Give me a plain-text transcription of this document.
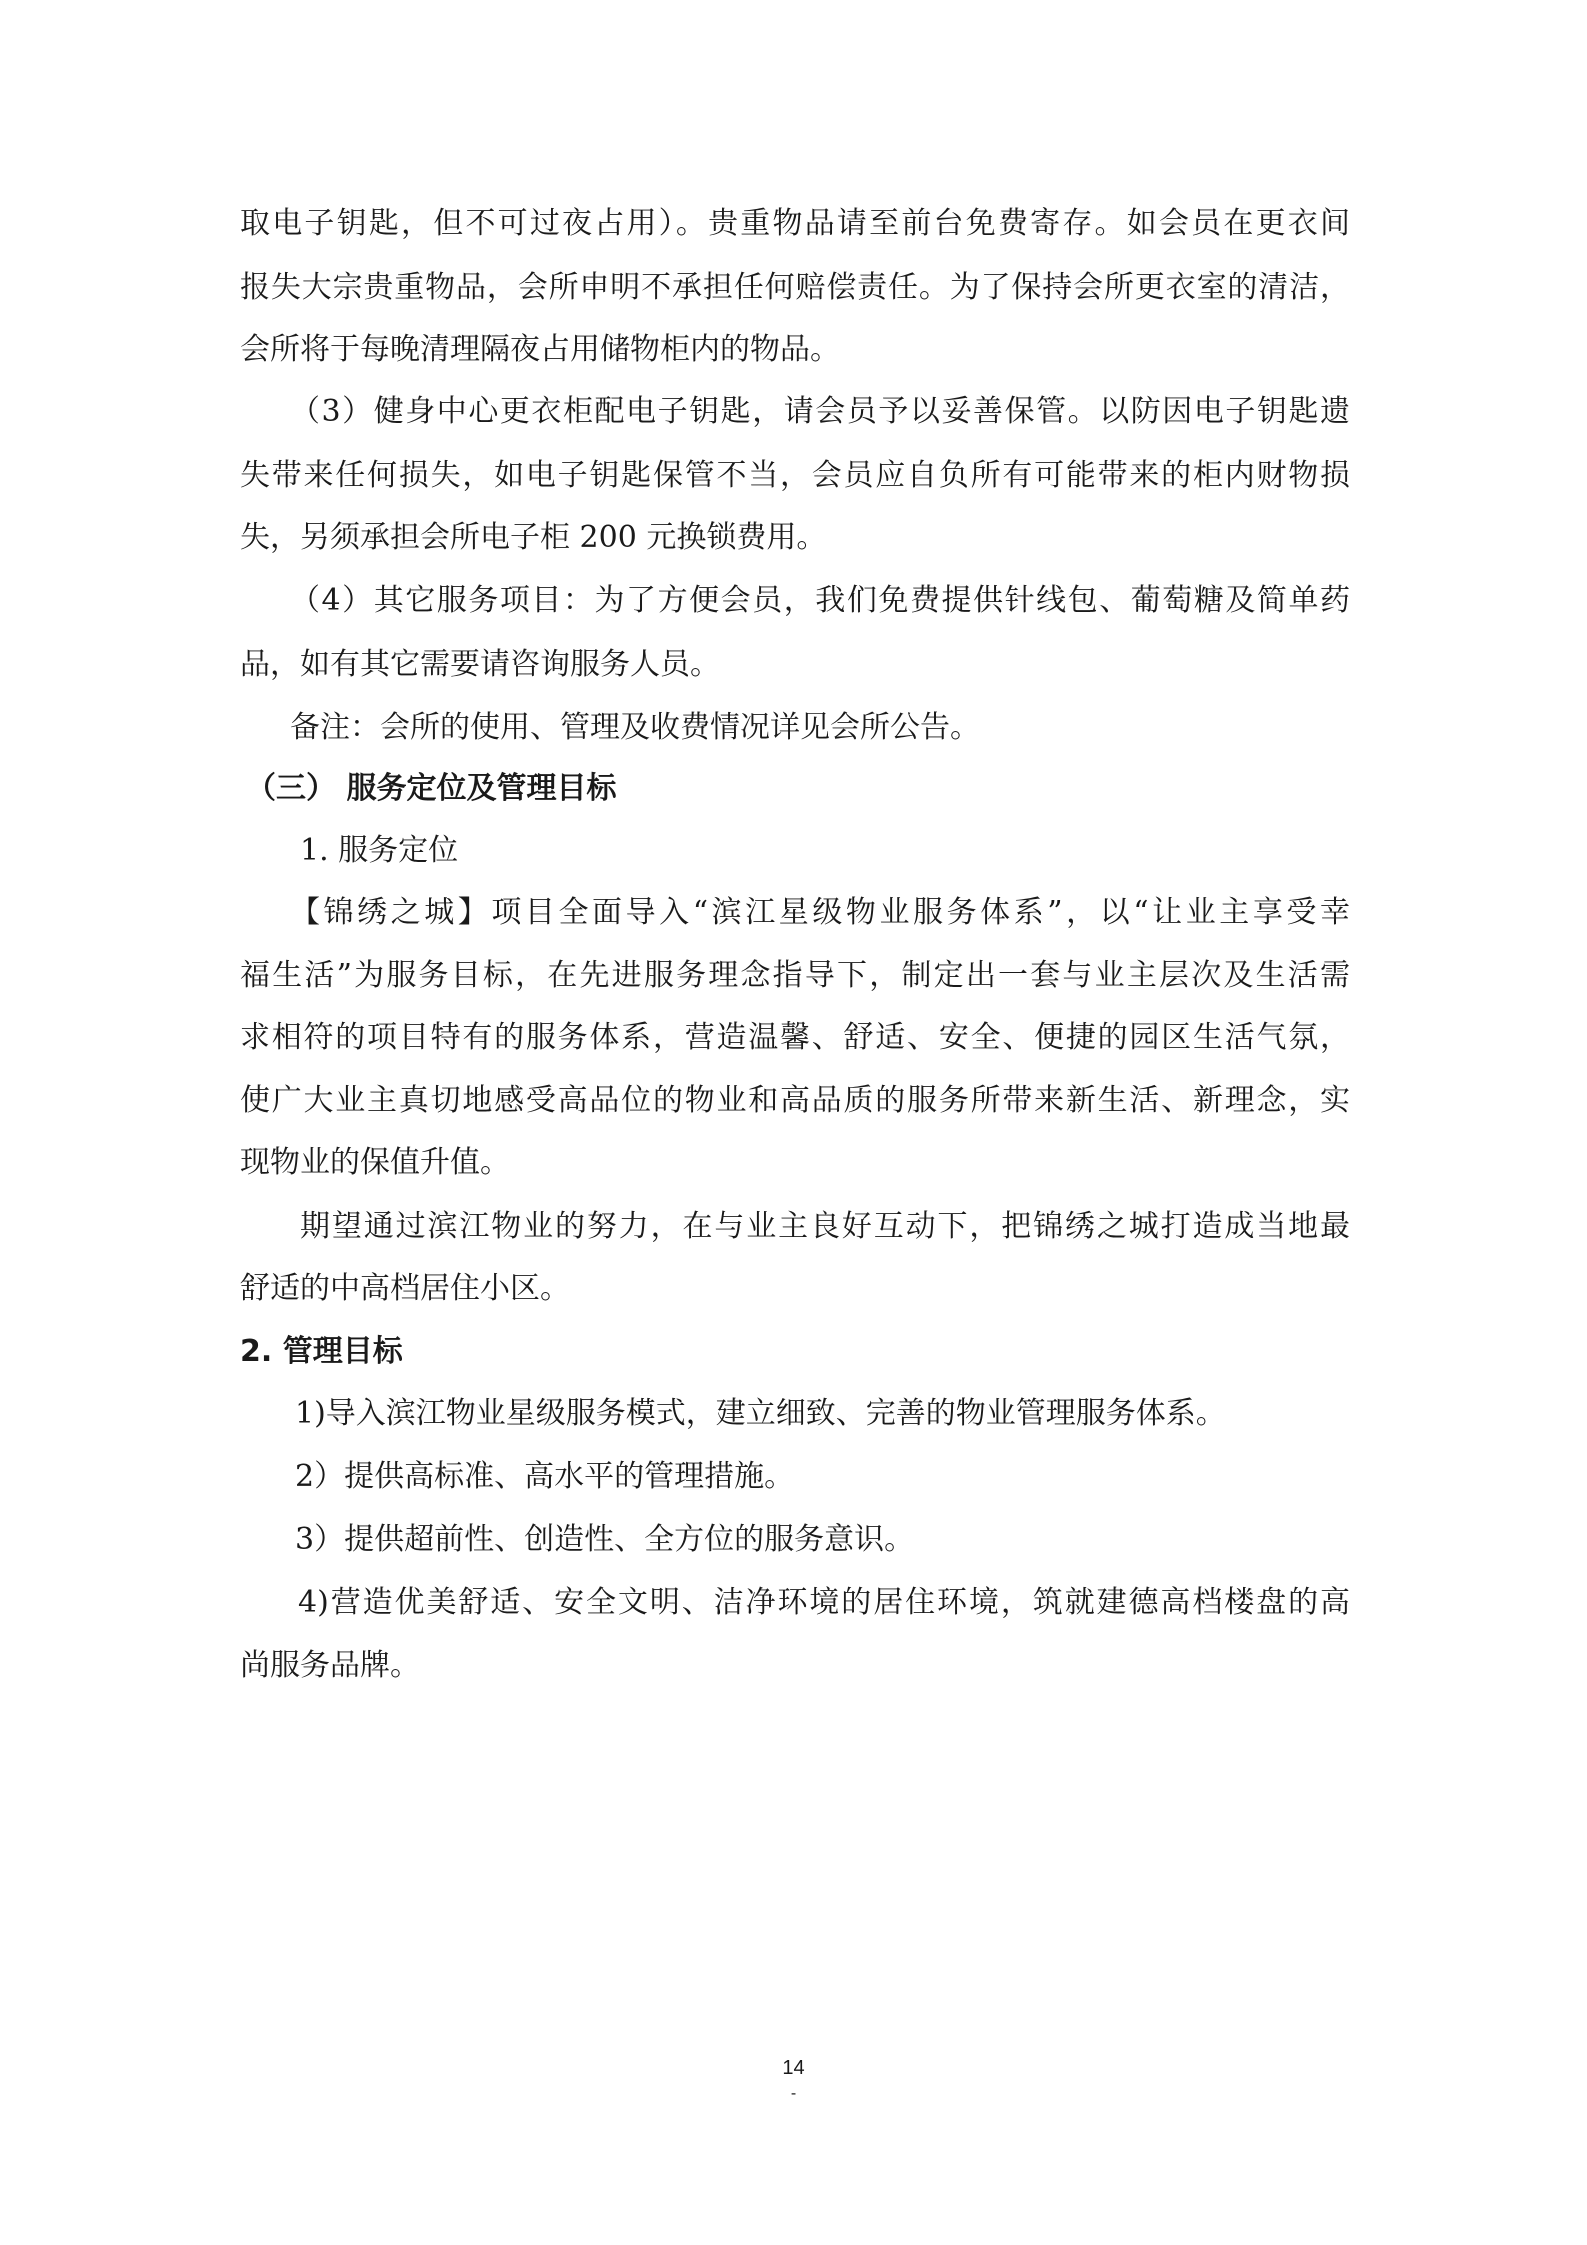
取电子钥匙，但不可过夜占用）。贵重物品请至前台免费寄存。如会员在更衣间
报失大宗贵重物品，会所申明不承担任何赔偿责任。为了保持会所更衣室的清洁，
会所将于每晚清理隔夜占用储物柜内的物品。
（3）健身中心更衣柜配电子钥匙，请会员予以妥善保管。以防因电子钥匙遗
失带来任何损失，如电子钥匙保管不当，会员应自负所有可能带来的柜内财物损
失，另须承担会所电子柜 200 元换锁费用。
（4）其它服务项目：为了方便会员，我们免费提供针线包、葡萄糖及简单药
品，如有其它需要请咨询服务人员。
备注：会所的使用、管理及收费情况详见会所公告。
（三） 服务定位及管理目标
1. 服务定位
【锦绣之城】项目全面导入“滨江星级物业服务体系”，以“让业主享受幸
福生活”为服务目标，在先进服务理念指导下，制定出一套与业主层次及生活需
求相符的项目特有的服务体系，营造温馨、舒适、安全、便捷的园区生活气氛，
使广大业主真切地感受高品位的物业和高品质的服务所带来新生活、新理念，实
现物业的保值升值。
期望通过滨江物业的努力，在与业主良好互动下，把锦绣之城打造成当地最
舒适的中高档居住小区。
2. 管理目标
1)导入滨江物业星级服务模式，建立细致、完善的物业管理服务体系。
2）提供高标准、高水平的管理措施。
3）提供超前性、创造性、全方位的服务意识。
4)营造优美舒适、安全文明、洁净环境的居住环境，筑就建德高档楼盘的高
尚服务品牌。
14
-
